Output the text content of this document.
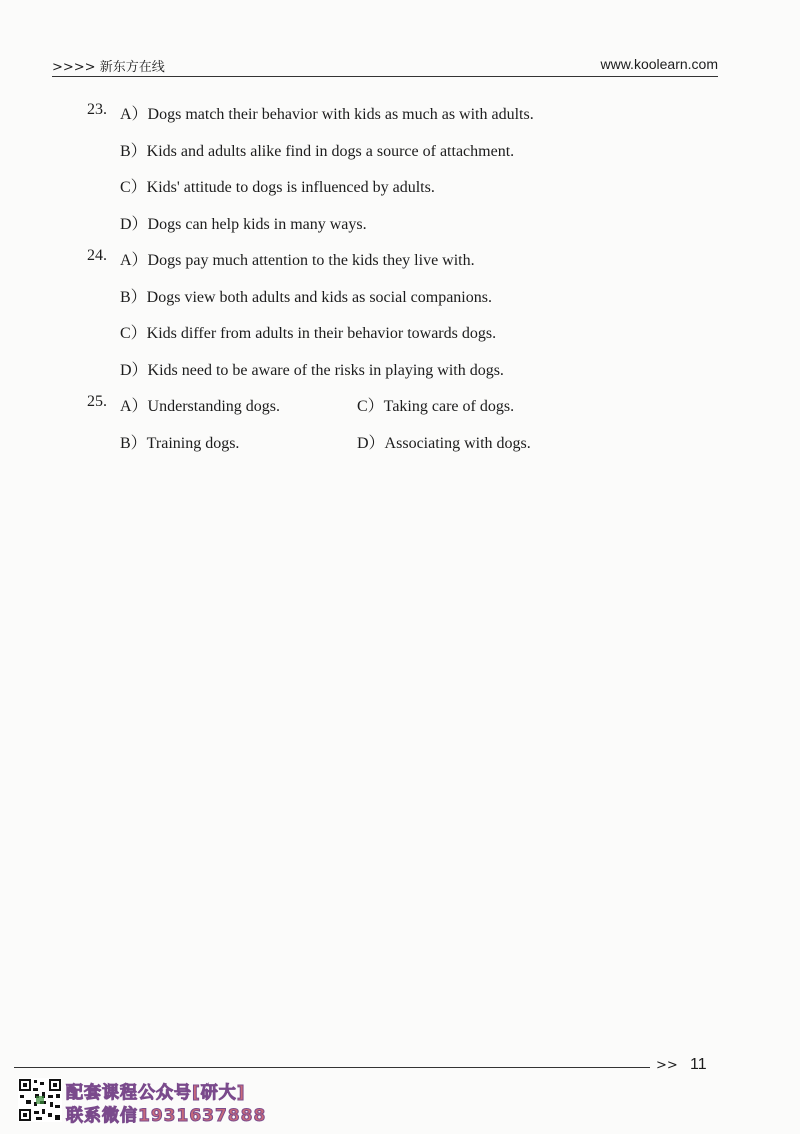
>>>> 新东方在线	www.koolearn.com
23. A）Dogs match their behavior with kids as much as with adults.
B）Kids and adults alike find in dogs a source of attachment.
C）Kids' attitude to dogs is influenced by adults.
D）Dogs can help kids in many ways.
24. A）Dogs pay much attention to the kids they live with.
B）Dogs view both adults and kids as social companions.
C）Kids differ from adults in their behavior towards dogs.
D）Kids need to be aware of the risks in playing with dogs.
25. A）Understanding dogs.	C）Taking care of dogs.
B）Training dogs.	D）Associating with dogs.
>> 11
配套课程公众号[研大]
联系微信1931637888
